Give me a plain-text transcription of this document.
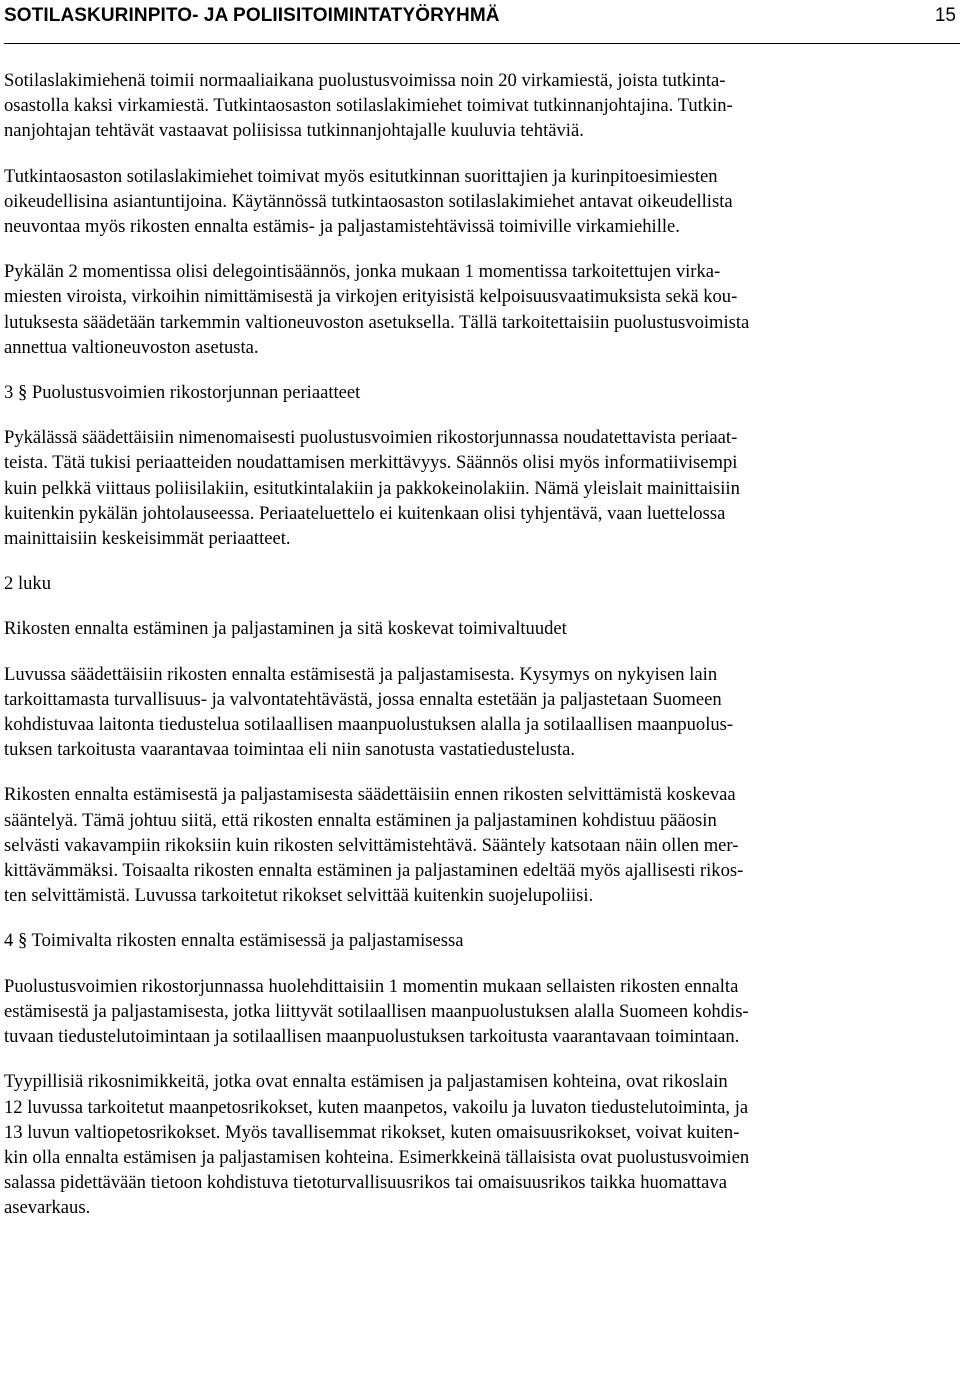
SOTILASKURINPITO- JA POLIISITOIMINTATYÖRYHMÄ	15

Sotilaslakimiehenä toimii normaaliaikana puolustusvoimissa noin 20 virkamiestä, joista tutkinta-
osastolla kaksi virkamiestä. Tutkintaosaston sotilaslakimiehet toimivat tutkinnanjohtajina. Tutkin-
nanjohtajan tehtävät vastaavat poliisissa tutkinnanjohtajalle kuuluvia tehtäviä.

Tutkintaosaston sotilaslakimiehet toimivat myös esitutkinnan suorittajien ja kurinpitoesimiesten
oikeudellisina asiantuntijoina. Käytännössä tutkintaosaston sotilaslakimiehet antavat oikeudellista
neuvontaa myös rikosten ennalta estämis- ja paljastamistehtävissä toimiville virkamiehille.

Pykälän 2 momentissa olisi delegointisäännös, jonka mukaan 1 momentissa tarkoitettujen virka-
miesten viroista, virkoihin nimittämisestä ja virkojen erityisistä kelpoisuusvaatimuksista sekä kou-
lutuksesta säädetään tarkemmin valtioneuvoston asetuksella. Tällä tarkoitettaisiin puolustusvoimista
annettua valtioneuvoston asetusta.

3 § Puolustusvoimien rikostorjunnan periaatteet

Pykälässä säädettäisiin nimenomaisesti puolustusvoimien rikostorjunnassa noudatettavista periaat-
teista. Tätä tukisi periaatteiden noudattamisen merkittävyys. Säännös olisi myös informatiivisempi
kuin pelkkä viittaus poliisilakiin, esitutkintalakiin ja pakkokeinolakiin. Nämä yleislait mainittaisiin
kuitenkin pykälän johtolauseessa. Periaateluettelo ei kuitenkaan olisi tyhjentävä, vaan luettelossa
mainittaisiin keskeisimmät periaatteet.

2 luku

Rikosten ennalta estäminen ja paljastaminen ja sitä koskevat toimivaltuudet

Luvussa säädettäisiin rikosten ennalta estämisestä ja paljastamisesta. Kysymys on nykyisen lain
tarkoittamasta turvallisuus- ja valvontatehtävästä, jossa ennalta estetään ja paljastetaan Suomeen
kohdistuvaa laitonta tiedustelua sotilaallisen maanpuolustuksen alalla ja sotilaallisen maanpuolus-
tuksen tarkoitusta vaarantavaa toimintaa eli niin sanotusta vastatiedustelusta.

Rikosten ennalta estämisestä ja paljastamisesta säädettäisiin ennen rikosten selvittämistä koskevaa
sääntelyä. Tämä johtuu siitä, että rikosten ennalta estäminen ja paljastaminen kohdistuu pääosin
selvästi vakavampiin rikoksiin kuin rikosten selvittämistehtävä. Sääntely katsotaan näin ollen mer-
kittävämmäksi. Toisaalta rikosten ennalta estäminen ja paljastaminen edeltää myös ajallisesti rikos-
ten selvittämistä. Luvussa tarkoitetut rikokset selvittää kuitenkin suojelupoliisi.

4 § Toimivalta rikosten ennalta estämisessä ja paljastamisessa

Puolustusvoimien rikostorjunnassa huolehdittaisiin 1 momentin mukaan sellaisten rikosten ennalta
estämisestä ja paljastamisesta, jotka liittyvät sotilaallisen maanpuolustuksen alalla Suomeen kohdis-
tuvaan tiedustelutoimintaan ja sotilaallisen maanpuolustuksen tarkoitusta vaarantavaan toimintaan.

Tyypillisiä rikosnimikkeitä, jotka ovat ennalta estämisen ja paljastamisen kohteina, ovat rikoslain
12 luvussa tarkoitetut maanpetosrikokset, kuten maanpetos, vakoilu ja luvaton tiedustelutoiminta, ja
13 luvun valtiopetosrikokset. Myös tavallisemmat rikokset, kuten omaisuusrikokset, voivat kuiten-
kin olla ennalta estämisen ja paljastamisen kohteina. Esimerkkeinä tällaisista ovat puolustusvoimien
salassa pidettävään tietoon kohdistuva tietoturvallisuusrikos tai omaisuusrikos taikka huomattava
asevarkaus.
